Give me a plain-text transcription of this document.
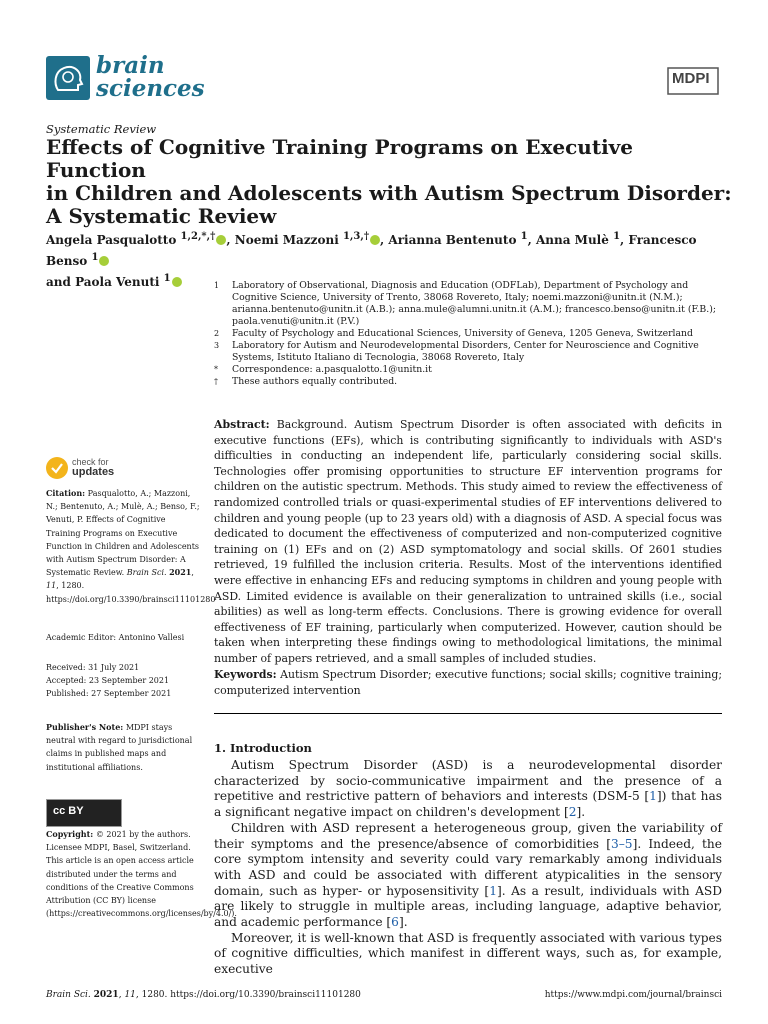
brain
sciences	MDPI
Systematic Review
Effects of Cognitive Training Programs on Executive Function
in Children and Adolescents with Autism Spectrum Disorder:
A Systematic Review
Angela Pasqualotto $^{1,2,*,\dagger}$ , Noemi Mazzoni $^{1,3,\dagger}$ , Arianna Bentenuto $^1$, Anna Mulè $^1$, Francesco Benso $^1$
and Paola Venuti $^1$
1	Laboratory of Observational, Diagnosis and Education (ODFLab), Department of Psychology and Cognitive Science, University of Trento, 38068 Rovereto, Italy; noemi.mazzoni@unitn.it (N.M.); arianna.bentenuto@unitn.it (A.B.); anna.mule@alumni.unitn.it (A.M.); francesco.benso@unitn.it (F.B.); paola.venuti@unitn.it (P.V.)
2	Faculty of Psychology and Educational Sciences, University of Geneva, 1205 Geneva, Switzerland
3	Laboratory for Autism and Neurodevelopmental Disorders, Center for Neuroscience and Cognitive Systems, Istituto Italiano di Tecnologia, 38068 Rovereto, Italy
*	Correspondence: a.pasqualotto.1@unitn.it
†	These authors equally contributed.
Abstract: Background. Autism Spectrum Disorder is often associated with deficits in executive functions (EFs), which is contributing significantly to individuals with ASD's difficulties in conducting an independent life, particularly considering social skills. Technologies offer promising opportunities to structure EF intervention programs for children on the autistic spectrum. Methods. This study aimed to review the effectiveness of randomized controlled trials or quasi-experimental studies of EF interventions delivered to children and young people (up to 23 years old) with a diagnosis of ASD. A special focus was dedicated to document the effectiveness of computerized and non-computerized cognitive training on (1) EFs and on (2) ASD symptomatology and social skills. Of 2601 studies retrieved, 19 fulfilled the inclusion criteria. Results. Most of the interventions identified were effective in enhancing EFs and reducing symptoms in children and young people with ASD. Limited evidence is available on their generalization to untrained skills (i.e., social abilities) as well as long-term effects. Conclusions. There is growing evidence for overall effectiveness of EF training, particularly when computerized. However, caution should be taken when interpreting these findings owing to methodological limitations, the minimal number of papers retrieved, and a small samples of included studies.
Keywords: Autism Spectrum Disorder; executive functions; social skills; cognitive training; computerized intervention
1. Introduction

Autism Spectrum Disorder (ASD) is a neurodevelopmental disorder characterized by socio-communicative impairment and the presence of a repetitive and restrictive pattern of behaviors and interests (DSM-5 [1]) that has a significant negative impact on children's development [2].

Children with ASD represent a heterogeneous group, given the variability of their symptoms and the presence/absence of comorbidities [3–5]. Indeed, the core symptom intensity and severity could vary remarkably among individuals with ASD and could be associated with different atypicalities in the sensory domain, such as hyper- or hyposensitivity [1]. As a result, individuals with ASD are likely to struggle in multiple areas, including language, adaptive behavior, and academic performance [6].

Moreover, it is well-known that ASD is frequently associated with various types of cognitive difficulties, which manifest in different ways, such as, for example, executive

check for
updates
Citation: Pasqualotto, A.; Mazzoni, N.; Bentenuto, A.; Mulè, A.; Benso, F.; Venuti, P. Effects of Cognitive Training Programs on Executive Function in Children and Adolescents with Autism Spectrum Disorder: A Systematic Review. Brain Sci. 2021, 11, 1280. https://doi.org/10.3390/brainsci11101280
Academic Editor: Antonino Vallesi
Received: 31 July 2021
Accepted: 23 September 2021
Published: 27 September 2021
Publisher's Note: MDPI stays neutral with regard to jurisdictional claims in published maps and institutional affiliations.
cc BY
Copyright: © 2021 by the authors. Licensee MDPI, Basel, Switzerland. This article is an open access article distributed under the terms and conditions of the Creative Commons Attribution (CC BY) license (https://creativecommons.org/licenses/by/4.0/).
Brain Sci. 2021, 11, 1280. https://doi.org/10.3390/brainsci11101280	https://www.mdpi.com/journal/brainsci
